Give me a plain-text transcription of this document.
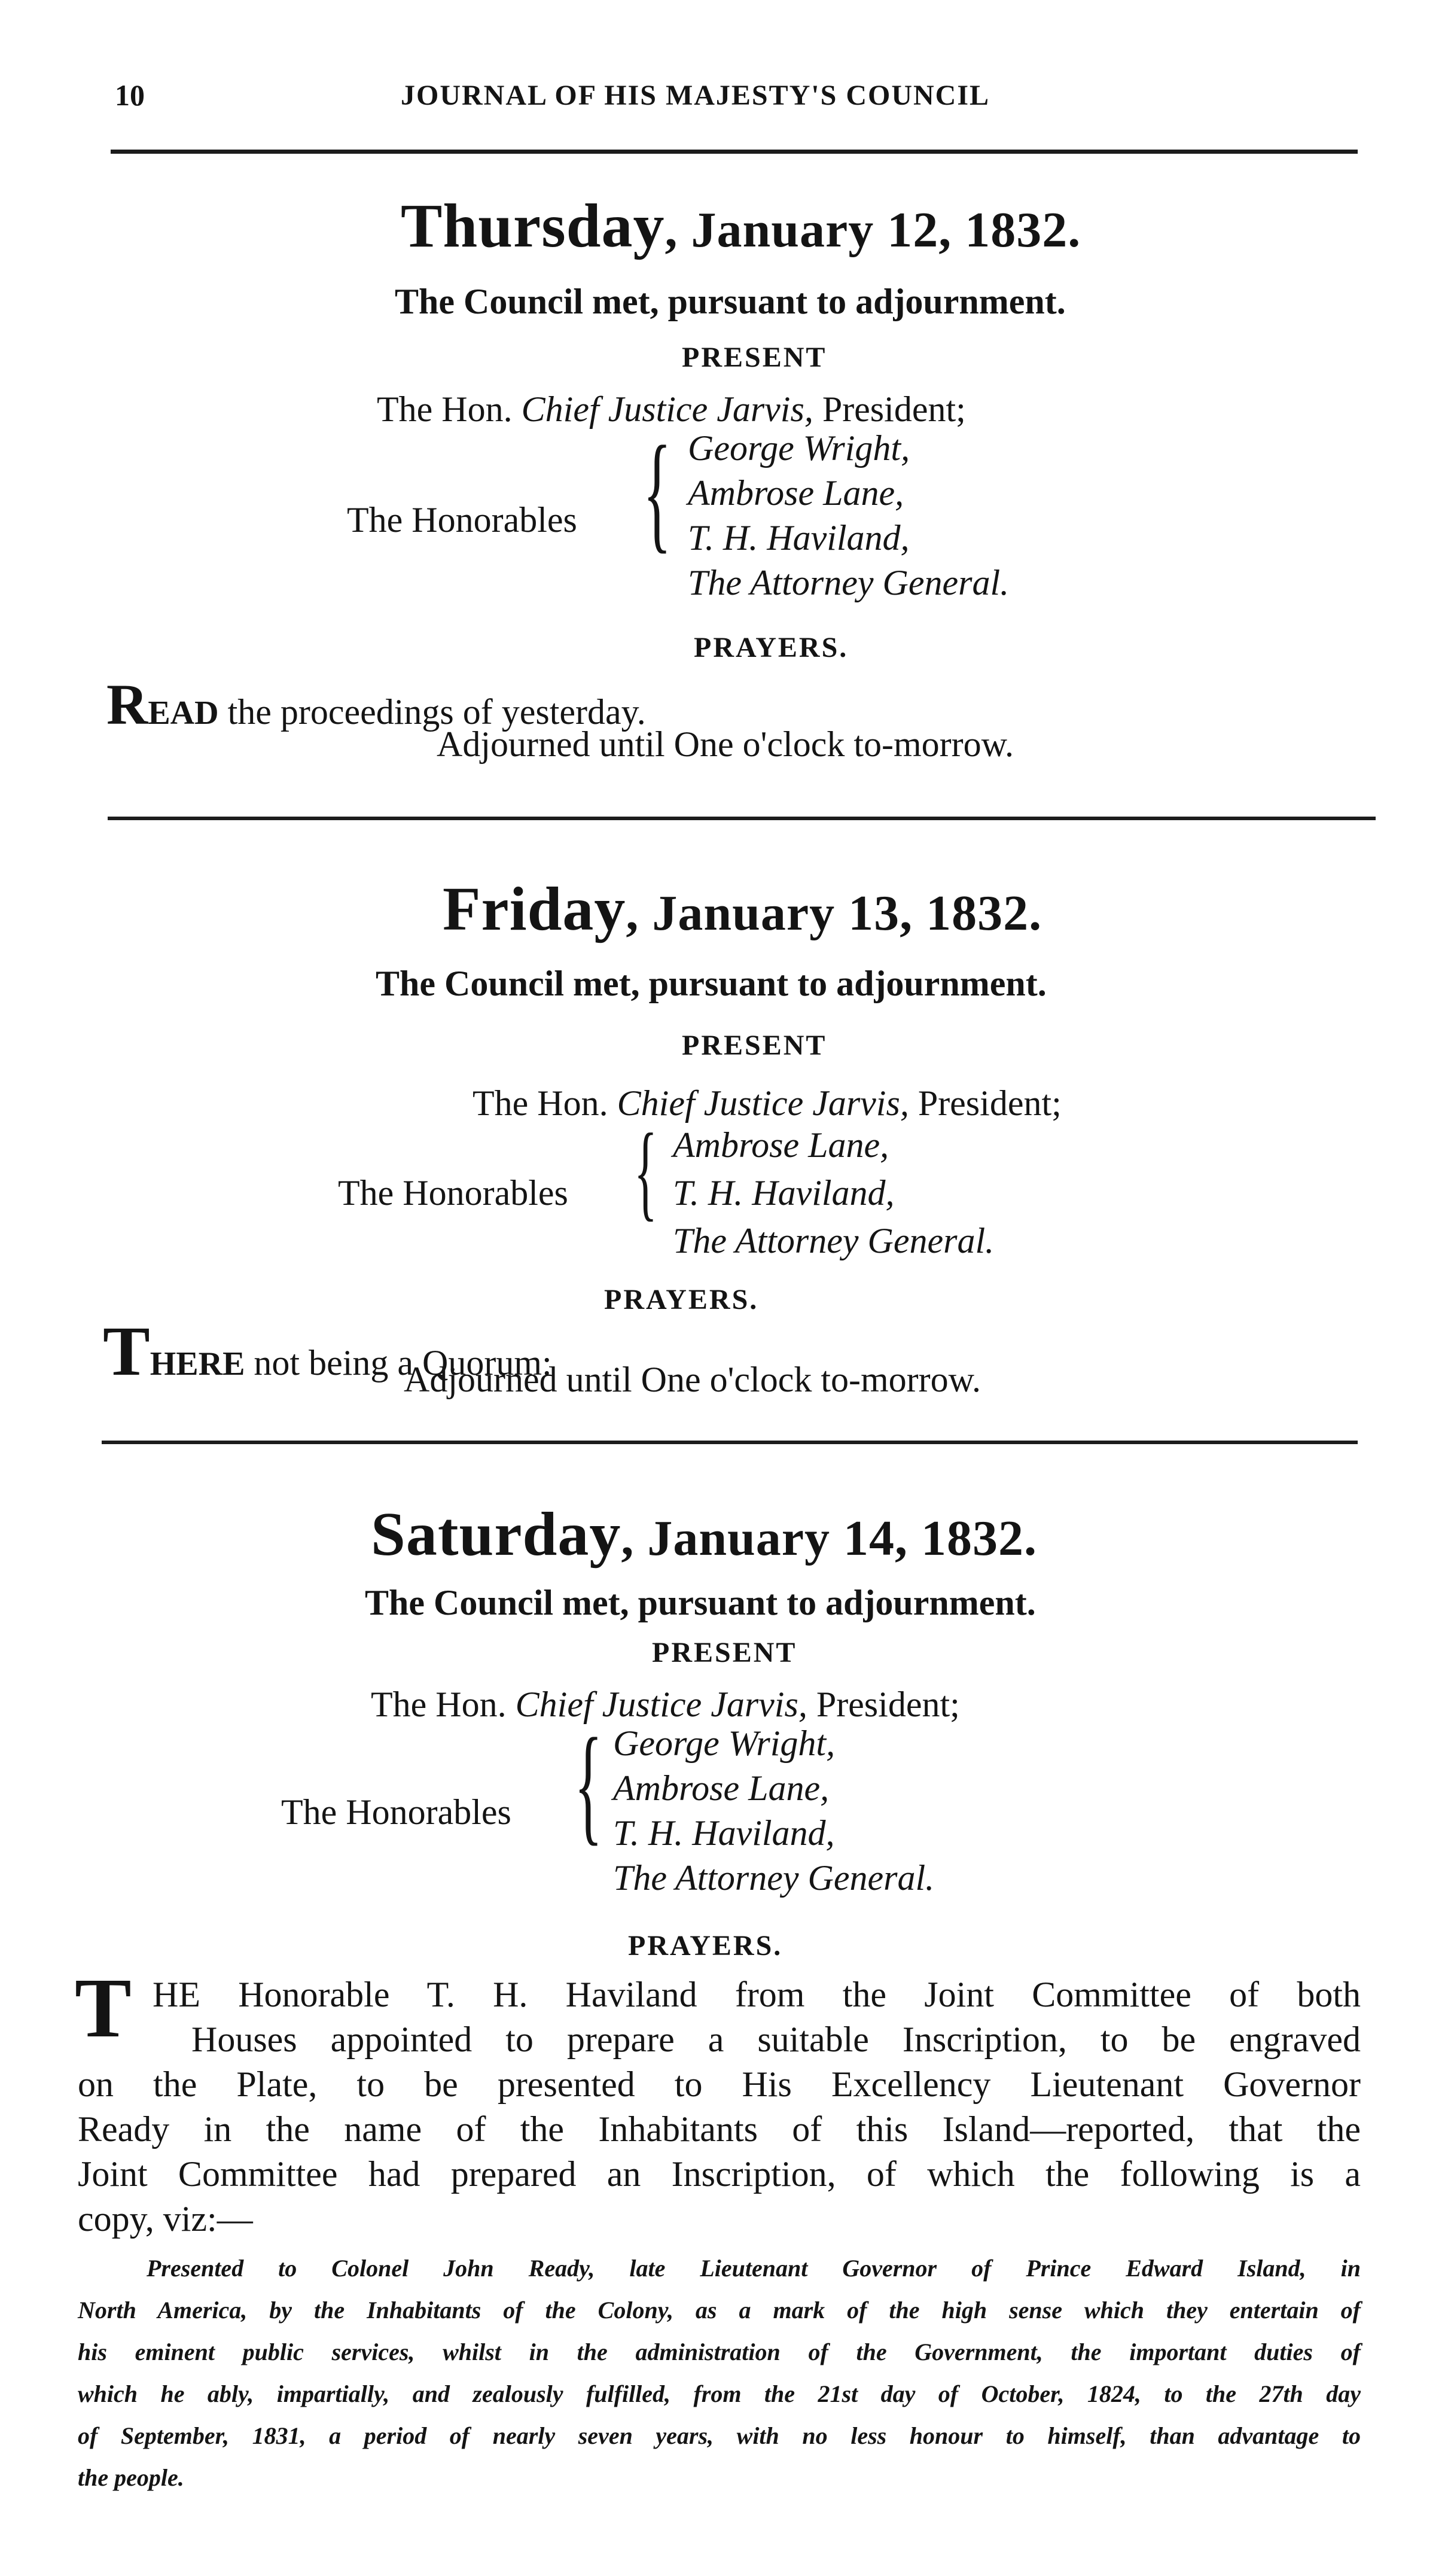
10	JOURNAL OF HIS MAJESTY'S COUNCIL
Thursday, January 12, 1832.
The Council met, pursuant to adjournment.
PRESENT
The Hon. Chief Justice Jarvis, President;
The Honorables { George Wright,
Ambrose Lane,
T. H. Haviland,
The Attorney General.
PRAYERS.
READ the proceedings of yesterday.
Adjourned until One o'clock to-morrow.
Friday, January 13, 1832.
The Council met, pursuant to adjournment.
PRESENT
The Hon. Chief Justice Jarvis, President;
The Honorables { Ambrose Lane,
T. H. Haviland,
The Attorney General.
PRAYERS.
THERE not being a Quorum:
Adjourned until One o'clock to-morrow.
Saturday, January 14, 1832.
The Council met, pursuant to adjournment.
PRESENT
The Hon. Chief Justice Jarvis, President;
The Honorables { George Wright,
Ambrose Lane,
T. H. Haviland,
The Attorney General.
PRAYERS.
T HE Honorable T. H. Haviland from the Joint Committee of both
Houses appointed to prepare a suitable Inscription, to be engraved
on the Plate, to be presented to His Excellency Lieutenant Governor
Ready in the name of the Inhabitants of this Island—reported, that the
Joint Committee had prepared an Inscription, of which the following is a
copy, viz:—
Presented to Colonel John Ready, late Lieutenant Governor of Prince Edward Island, in
North America, by the Inhabitants of the Colony, as a mark of the high sense which they entertain of
his eminent public services, whilst in the administration of the Government, the important duties of
which he ably, impartially, and zealously fulfilled, from the 21st day of October, 1824, to the 27th day
of September, 1831, a period of nearly seven years, with no less honour to himself, than advantage to
the people.
